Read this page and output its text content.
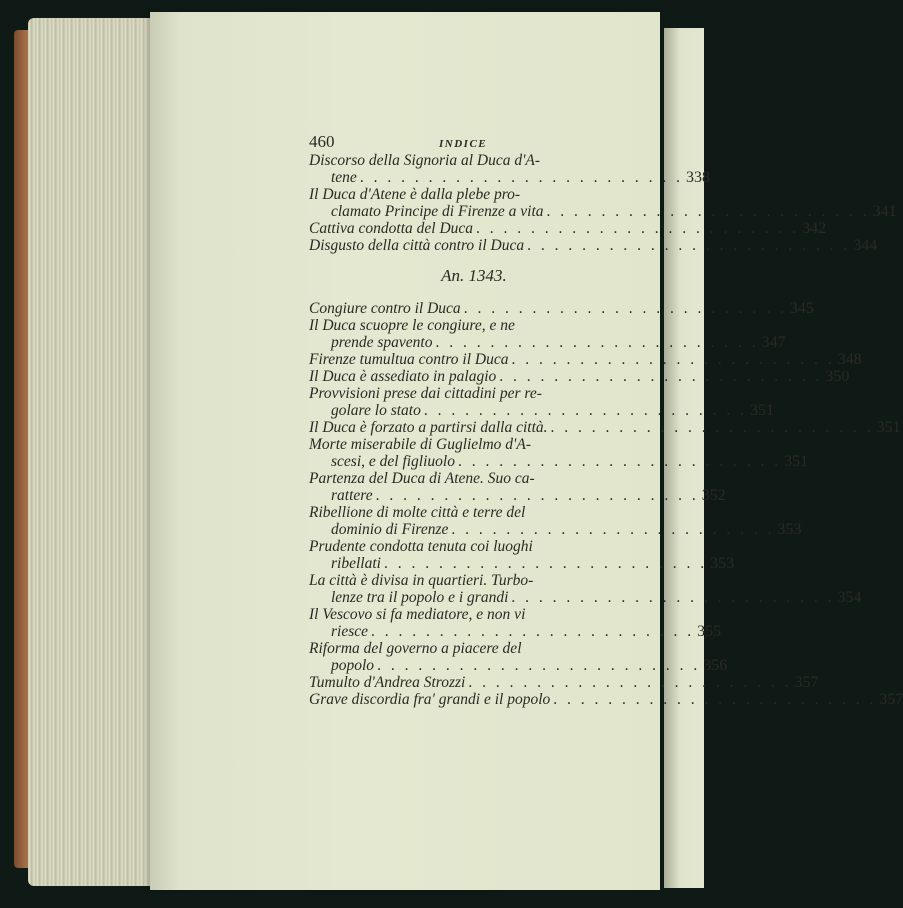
460	INDICE
Discorso della Signoria al Duca d'A-
tene . . . . . . . . . . . . . . . . . . . . . . . . 338
Il Duca d'Atene è dalla plebe pro-
clamato Principe di Firenze a vita . . . . . . . . . . . . . . . . . . . . . . . . 341
Cattiva condotta del Duca . . . . . . . . . . . . . . . . . . . . . . . . 342
Disgusto della città contro il Duca . . . . . . . . . . . . . . . . . . . . . . . . 344
An. 1343.
Congiure contro il Duca . . . . . . . . . . . . . . . . . . . . . . . . 345
Il Duca scuopre le congiure, e ne
prende spavento . . . . . . . . . . . . . . . . . . . . . . . . 347
Firenze tumultua contro il Duca . . . . . . . . . . . . . . . . . . . . . . . . 348
Il Duca è assediato in palagio . . . . . . . . . . . . . . . . . . . . . . . . 350
Provvisioni prese dai cittadini per re-
golare lo stato . . . . . . . . . . . . . . . . . . . . . . . . 351
Il Duca è forzato a partirsi dalla città. . . . . . . . . . . . . . . . . . . . . . . . . 351
Morte miserabile di Guglielmo d'A-
scesi, e del figliuolo . . . . . . . . . . . . . . . . . . . . . . . . 351
Partenza del Duca di Atene. Suo ca-
rattere . . . . . . . . . . . . . . . . . . . . . . . . 352
Ribellione di molte città e terre del
dominio di Firenze . . . . . . . . . . . . . . . . . . . . . . . . 353
Prudente condotta tenuta coi luoghi
ribellati . . . . . . . . . . . . . . . . . . . . . . . . 353
La città è divisa in quartieri. Turbo-
lenze tra il popolo e i grandi . . . . . . . . . . . . . . . . . . . . . . . . 354
Il Vescovo si fa mediatore, e non vi
riesce . . . . . . . . . . . . . . . . . . . . . . . . 355
Riforma del governo a piacere del
popolo . . . . . . . . . . . . . . . . . . . . . . . . 356
Tumulto d'Andrea Strozzi . . . . . . . . . . . . . . . . . . . . . . . . 357
Grave discordia fra' grandi e il popolo . . . . . . . . . . . . . . . . . . . . . . . . 357
